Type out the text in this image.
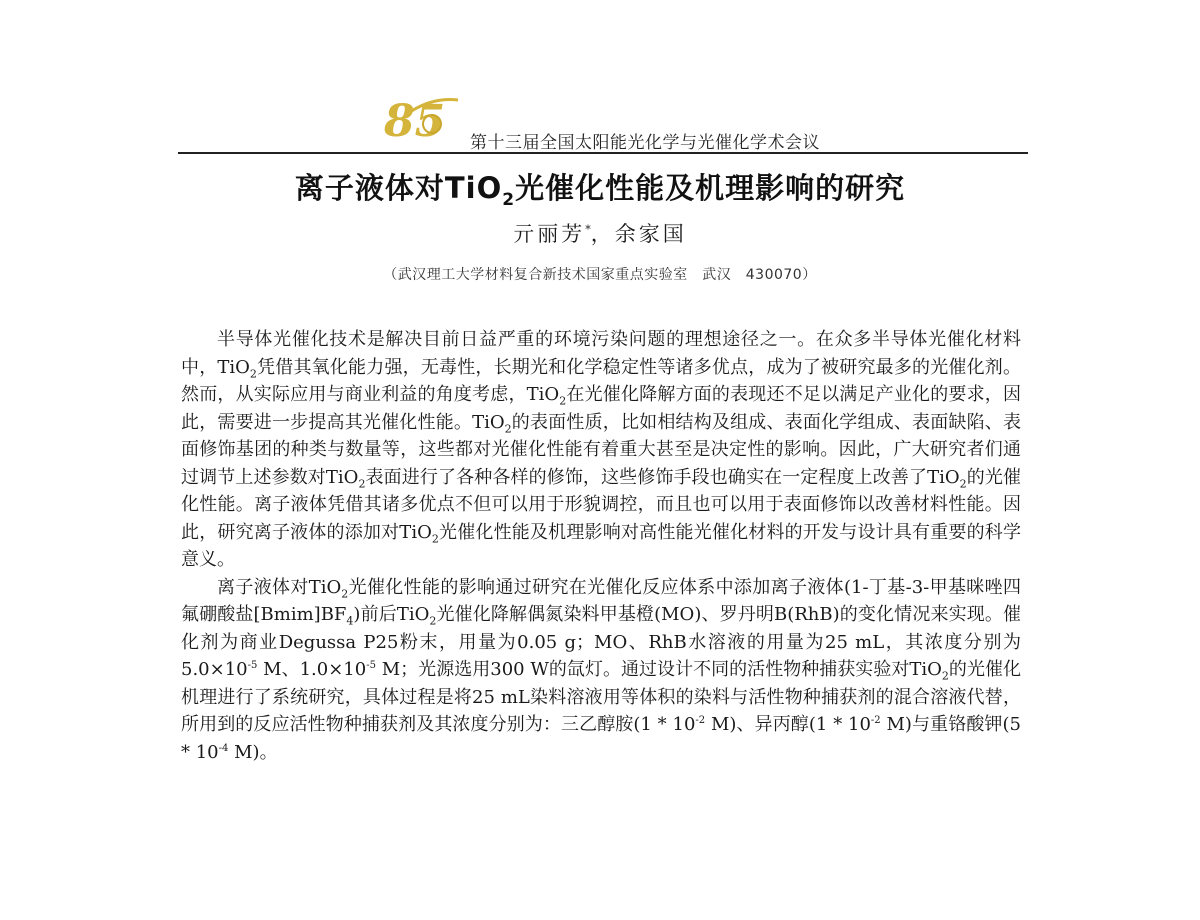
85 第十三届全国太阳能光化学与光催化学术会议
离子液体对TiO$_2$光催化性能及机理影响的研究
亓丽芳*，余家国
（武汉理工大学材料复合新技术国家重点实验室　武汉　430070）

半导体光催化技术是解决目前日益严重的环境污染问题的理想途径之一。在众多半导体光催化材料中，TiO$_2$凭借其氧化能力强，无毒性，长期光和化学稳定性等诸多优点，成为了被研究最多的光催化剂。然而，从实际应用与商业利益的角度考虑，TiO$_2$在光催化降解方面的表现还不足以满足产业化的要求，因此，需要进一步提高其光催化性能。TiO$_2$的表面性质，比如相结构及组成、表面化学组成、表面缺陷、表面修饰基团的种类与数量等，这些都对光催化性能有着重大甚至是决定性的影响。因此，广大研究者们通过调节上述参数对TiO$_2$表面进行了各种各样的修饰，这些修饰手段也确实在一定程度上改善了TiO$_2$的光催化性能。离子液体凭借其诸多优点不但可以用于形貌调控，而且也可以用于表面修饰以改善材料性能。因此，研究离子液体的添加对TiO$_2$光催化性能及机理影响对高性能光催化材料的开发与设计具有重要的科学意义。

离子液体对TiO$_2$光催化性能的影响通过研究在光催化反应体系中添加离子液体(1-丁基-3-甲基咪唑四氟硼酸盐$[Bmim]BF_4$)前后TiO$_2$光催化降解偶氮染料甲基橙(MO)、罗丹明B(RhB)的变化情况来实现。催化剂为商业Degussa P25粉末，用量为0.05 g；MO、RhB水溶液的用量为25 mL，其浓度分别为$5.0\times 10^{-5}$ M、$1.0\times 10^{-5}$ M；光源选用300 W的氙灯。通过设计不同的活性物种捕获实验对TiO$_2$的光催化机理进行了系统研究，具体过程是将25 mL染料溶液用等体积的染料与活性物种捕获剂的混合溶液代替，所用到的反应活性物种捕获剂及其浓度分别为：三乙醇胺($1 * 10^{-2}$ M)、异丙醇($1 * 10^{-2}$ M)与重铬酸钾($5 * 10^{-4}$ M)。
